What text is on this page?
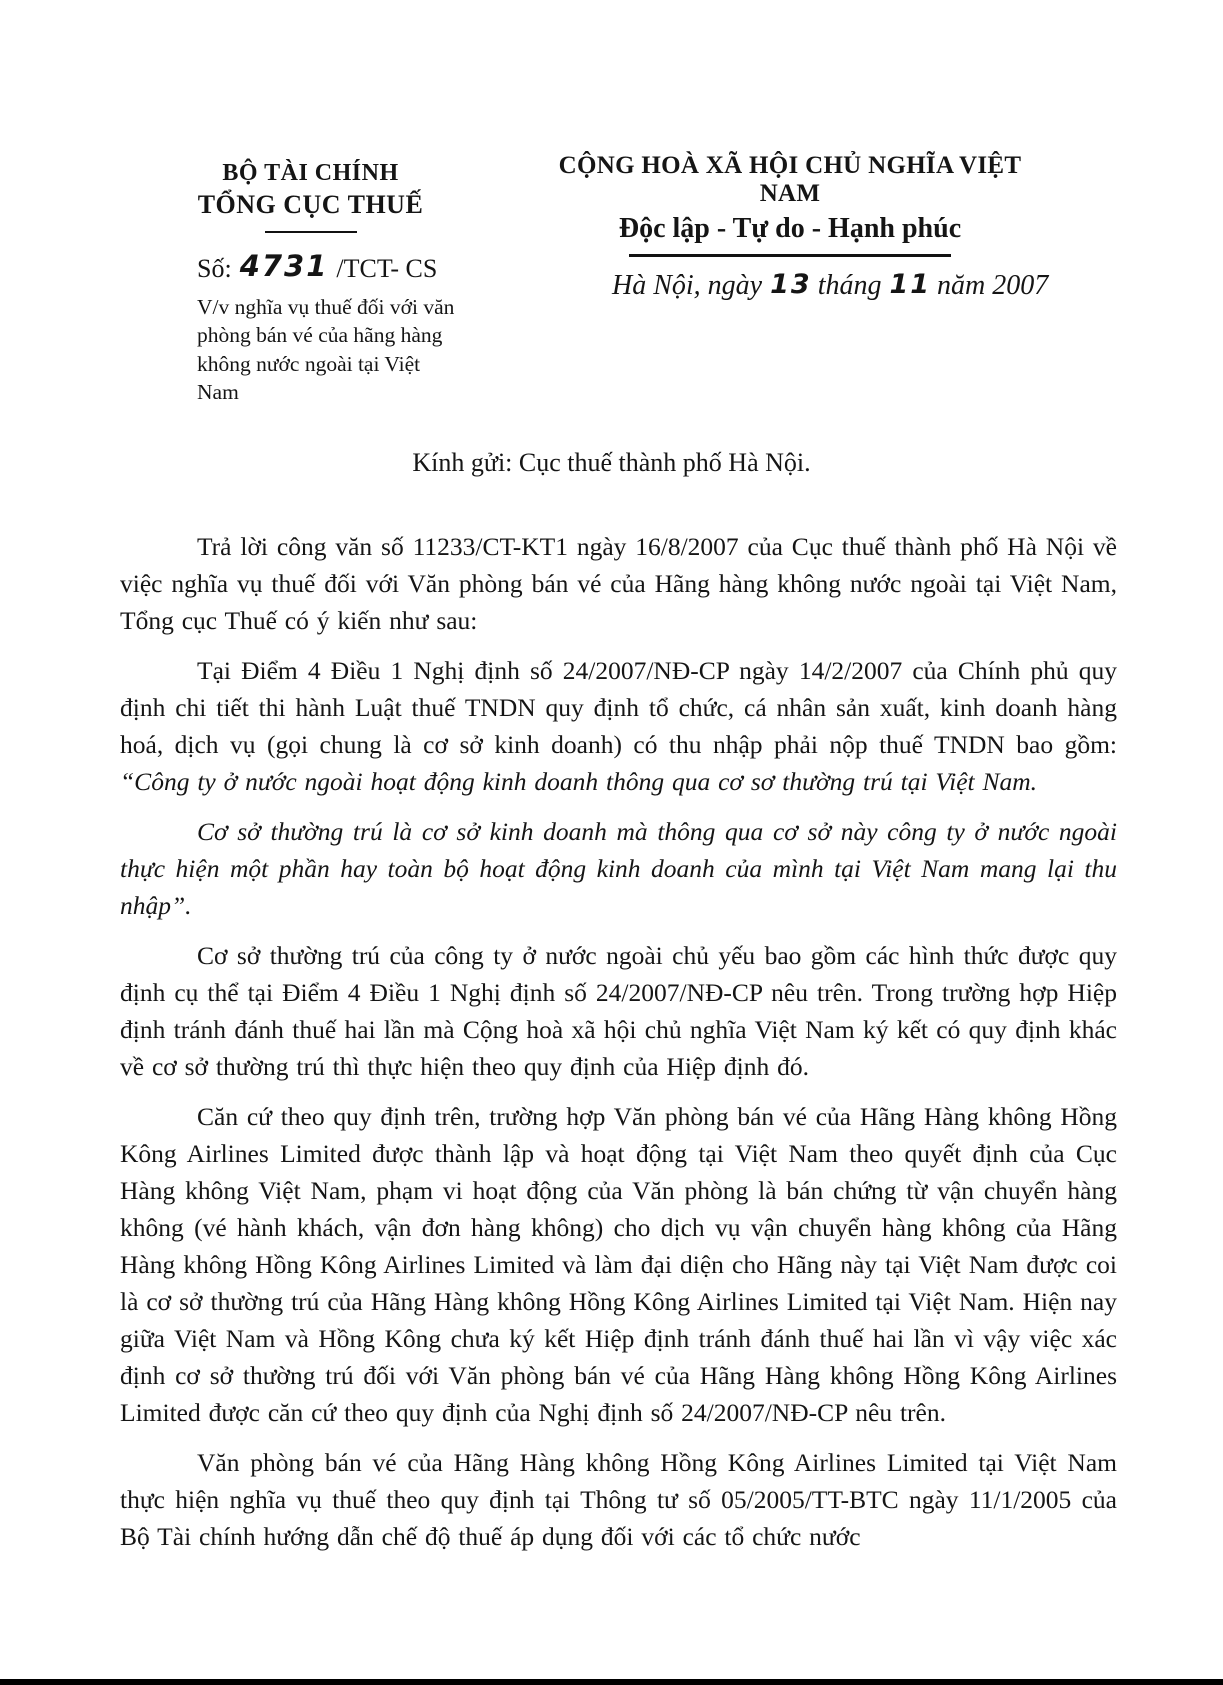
BỘ TÀI CHÍNH
TỔNG CỤC THUẾ
Số: 4731 /TCT- CS
V/v nghĩa vụ thuế đối với văn phòng bán vé của hãng hàng không nước ngoài tại Việt Nam
CỘNG HOÀ XÃ HỘI CHỦ NGHĨA VIỆT NAM
Độc lập - Tự do - Hạnh phúc
Hà Nội, ngày 13 tháng 11 năm 2007
Kính gửi: Cục thuế thành phố Hà Nội.

Trả lời công văn số 11233/CT-KT1 ngày 16/8/2007 của Cục thuế thành phố Hà Nội về việc nghĩa vụ thuế đối với Văn phòng bán vé của Hãng hàng không nước ngoài tại Việt Nam, Tổng cục Thuế có ý kiến như sau:

Tại Điểm 4 Điều 1 Nghị định số 24/2007/NĐ-CP ngày 14/2/2007 của Chính phủ quy định chi tiết thi hành Luật thuế TNDN quy định tổ chức, cá nhân sản xuất, kinh doanh hàng hoá, dịch vụ (gọi chung là cơ sở kinh doanh) có thu nhập phải nộp thuế TNDN bao gồm: “Công ty ở nước ngoài hoạt động kinh doanh thông qua cơ sơ thường trú tại Việt Nam.

Cơ sở thường trú là cơ sở kinh doanh mà thông qua cơ sở này công ty ở nước ngoài thực hiện một phần hay toàn bộ hoạt động kinh doanh của mình tại Việt Nam mang lại thu nhập”.

Cơ sở thường trú của công ty ở nước ngoài chủ yếu bao gồm các hình thức được quy định cụ thể tại Điểm 4 Điều 1 Nghị định số 24/2007/NĐ-CP nêu trên. Trong trường hợp Hiệp định tránh đánh thuế hai lần mà Cộng hoà xã hội chủ nghĩa Việt Nam ký kết có quy định khác về cơ sở thường trú thì thực hiện theo quy định của Hiệp định đó.

Căn cứ theo quy định trên, trường hợp Văn phòng bán vé của Hãng Hàng không Hồng Kông Airlines Limited được thành lập và hoạt động tại Việt Nam theo quyết định của Cục Hàng không Việt Nam, phạm vi hoạt động của Văn phòng là bán chứng từ vận chuyển hàng không (vé hành khách, vận đơn hàng không) cho dịch vụ vận chuyển hàng không của Hãng Hàng không Hồng Kông Airlines Limited và làm đại diện cho Hãng này tại Việt Nam được coi là cơ sở thường trú của Hãng Hàng không Hồng Kông Airlines Limited tại Việt Nam. Hiện nay giữa Việt Nam và Hồng Kông chưa ký kết Hiệp định tránh đánh thuế hai lần vì vậy việc xác định cơ sở thường trú đối với Văn phòng bán vé của Hãng Hàng không Hồng Kông Airlines Limited được căn cứ theo quy định của Nghị định số 24/2007/NĐ-CP nêu trên.

Văn phòng bán vé của Hãng Hàng không Hồng Kông Airlines Limited tại Việt Nam thực hiện nghĩa vụ thuế theo quy định tại Thông tư số 05/2005/TT-BTC ngày 11/1/2005 của Bộ Tài chính hướng dẫn chế độ thuế áp dụng đối với các tổ chức nước
